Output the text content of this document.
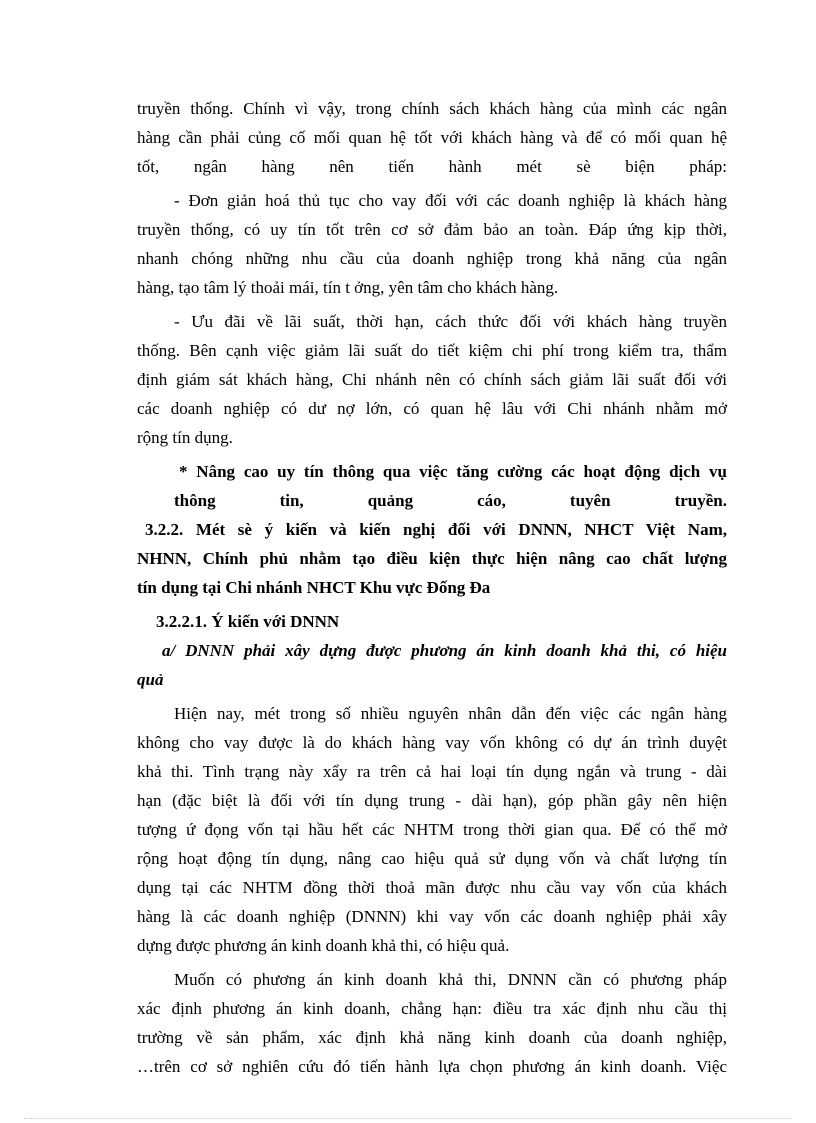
truyền thống. Chính vì vậy, trong chính sách khách hàng của mình các ngân
hàng cần phải củng cố mối quan hệ tốt với khách hàng và để có mối quan hệ
tốt, ngân hàng nên tiến hành mét sè biện pháp:
- Đơn giản hoá thủ tục cho vay đối với các doanh nghiệp là khách hàng
truyền thống, có uy tín tốt trên cơ sở đảm bảo an toàn. Đáp ứng kịp thời,
nhanh chóng những nhu cầu của doanh nghiệp trong khả năng của ngân
hàng, tạo tâm lý thoải mái, tín t ởng, yên tâm cho khách hàng.
- Ưu đãi về lãi suất, thời hạn, cách thức đối với khách hàng truyền
thống. Bên cạnh việc giảm lãi suất do tiết kiệm chi phí trong kiểm tra, thẩm
định giám sát khách hàng, Chi nhánh nên có chính sách giảm lãi suất đối với
các doanh nghiệp có dư nợ lớn, có quan hệ lâu với Chi nhánh nhằm mở
rộng tín dụng.
* Nâng cao uy tín thông qua việc tăng cường các hoạt động dịch vụ
thông tin, quảng cáo, tuyên truyền.
3.2.2. Mét sè ý kiến và kiến nghị đối với DNNN, NHCT Việt Nam,
NHNN, Chính phủ nhằm tạo điều kiện thực hiện nâng cao chất lượng
tín dụng tại Chi nhánh NHCT Khu vực Đống Đa
3.2.2.1. Ý kiến với DNNN
a/ DNNN phải xây dựng được phương án kinh doanh khả thi, có hiệu
quả
Hiện nay, mét trong số nhiều nguyên nhân dẫn đến việc các ngân hàng
không cho vay được là do khách hàng vay vốn không có dự án trình duyệt
khả thi. Tình trạng này xẩy ra trên cả hai loại tín dụng ngắn và trung - dài
hạn (đặc biệt là đối với tín dụng trung - dài hạn), góp phần gây nên hiện
tượng ứ đọng vốn tại hầu hết các NHTM trong thời gian qua. Để có thể mở
rộng hoạt động tín dụng, nâng cao hiệu quả sử dụng vốn và chất lượng tín
dụng tại các NHTM đồng thời thoả mãn được nhu cầu vay vốn của khách
hàng là các doanh nghiệp (DNNN) khi vay vốn các doanh nghiệp phải xây
dựng được phương án kinh doanh khả thi, có hiệu quả.
Muốn có phương án kinh doanh khả thi, DNNN cần có phương pháp
xác định phương án kinh doanh, chẳng hạn: điều tra xác định nhu cầu thị
trường về sản phẩm, xác định khả năng kinh doanh của doanh nghiệp,
…trên cơ sở nghiên cứu đó tiến hành lựa chọn phương án kinh doanh. Việc
